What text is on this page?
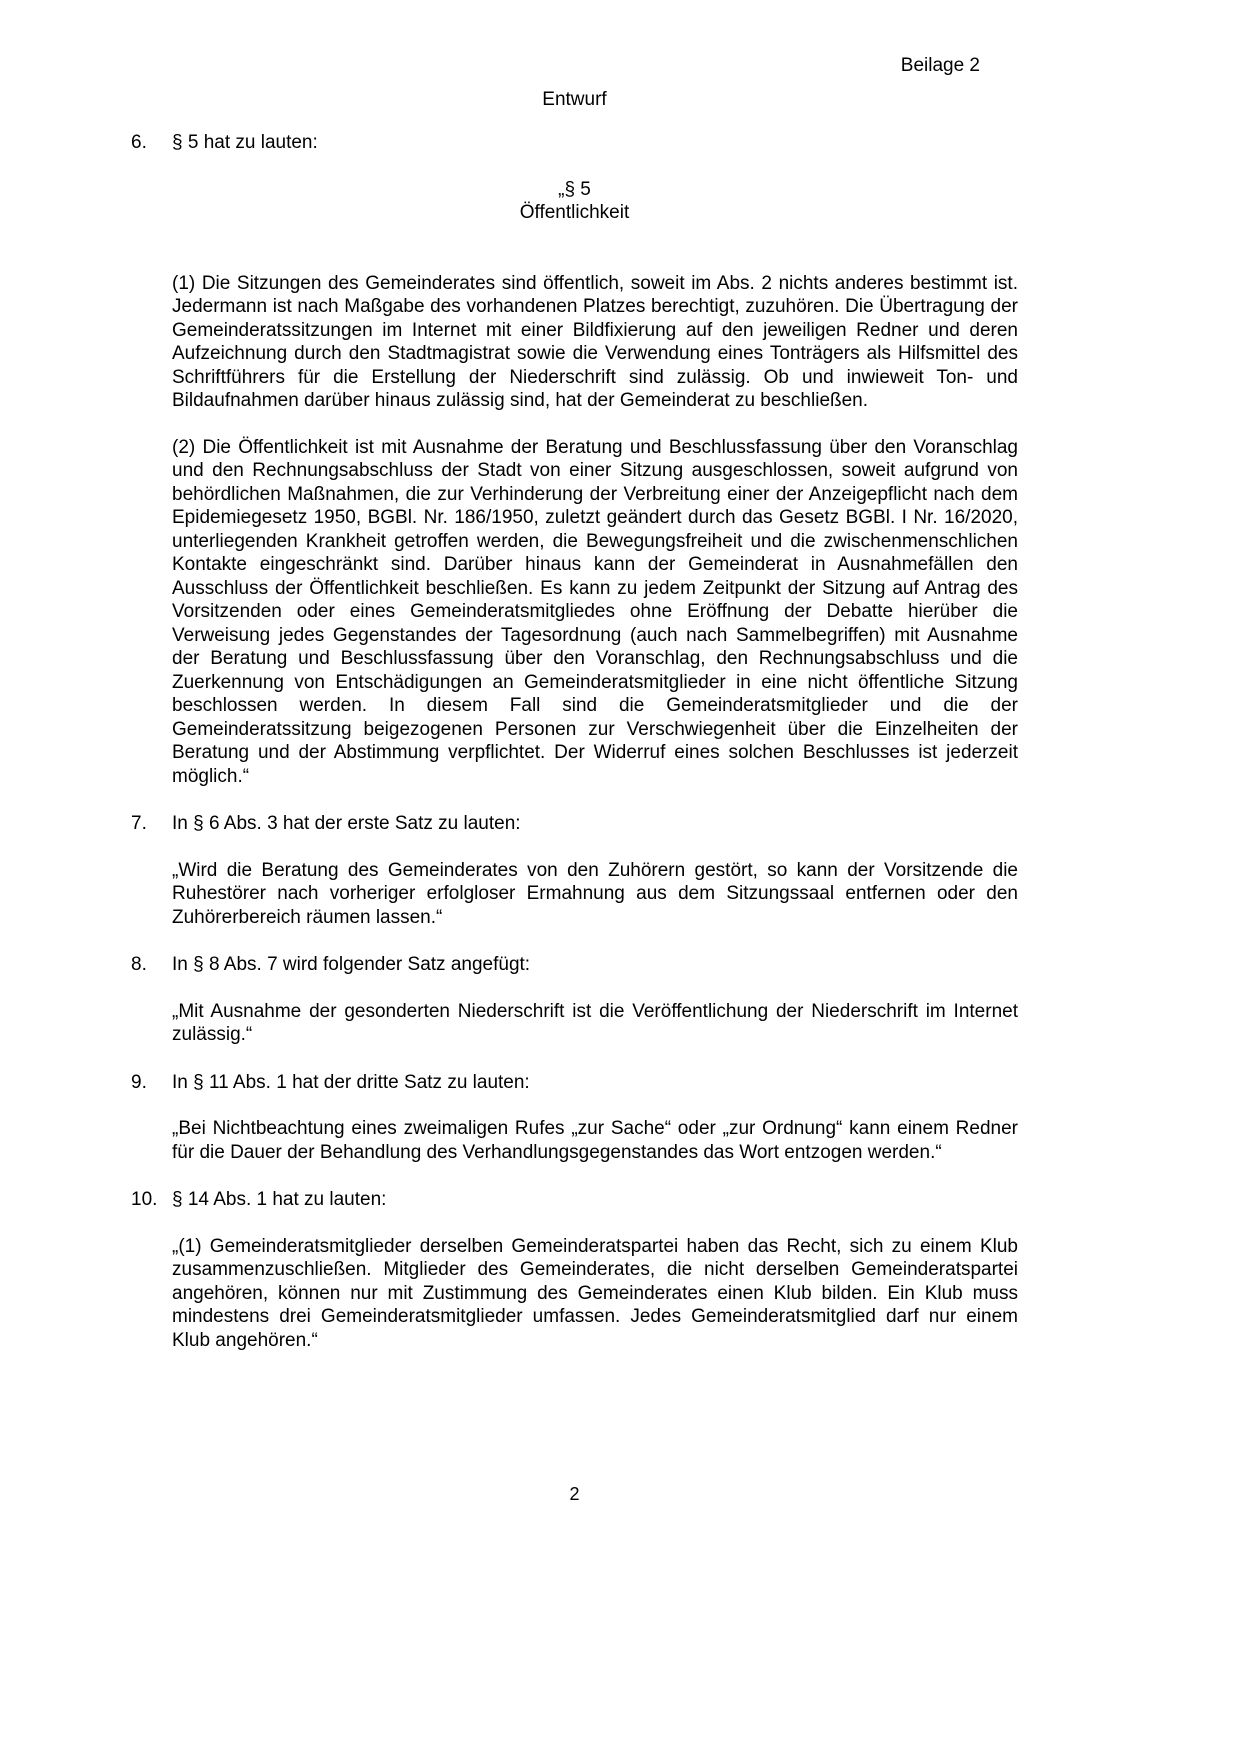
Beilage 2
Entwurf
6.	§ 5 hat zu lauten:
„§ 5
Öffentlichkeit

(1) Die Sitzungen des Gemeinderates sind öffentlich, soweit im Abs. 2 nichts anderes bestimmt ist. Jedermann ist nach Maßgabe des vorhandenen Platzes berechtigt, zuzuhören. Die Übertragung der Gemeinderatssitzungen im Internet mit einer Bildfixierung auf den jeweiligen Redner und deren Aufzeichnung durch den Stadtmagistrat sowie die Verwendung eines Tonträgers als Hilfsmittel des Schriftführers für die Erstellung der Niederschrift sind zulässig. Ob und inwieweit Ton- und Bildaufnahmen darüber hinaus zulässig sind, hat der Gemeinderat zu beschließen.

(2) Die Öffentlichkeit ist mit Ausnahme der Beratung und Beschlussfassung über den Voranschlag und den Rechnungsabschluss der Stadt von einer Sitzung ausgeschlossen, soweit aufgrund von behördlichen Maßnahmen, die zur Verhinderung der Verbreitung einer der Anzeigepflicht nach dem Epidemiegesetz 1950, BGBl. Nr. 186/1950, zuletzt geändert durch das Gesetz BGBl. I Nr. 16/2020, unterliegenden Krankheit getroffen werden, die Bewegungsfreiheit und die zwischenmenschlichen Kontakte eingeschränkt sind. Darüber hinaus kann der Gemeinderat in Ausnahmefällen den Ausschluss der Öffentlichkeit beschließen. Es kann zu jedem Zeitpunkt der Sitzung auf Antrag des Vorsitzenden oder eines Gemeinderatsmitgliedes ohne Eröffnung der Debatte hierüber die Verweisung jedes Gegenstandes der Tagesordnung (auch nach Sammelbegriffen) mit Ausnahme der Beratung und Beschlussfassung über den Voranschlag, den Rechnungsabschluss und die Zuerkennung von Entschädigungen an Gemeinderatsmitglieder in eine nicht öffentliche Sitzung beschlossen werden. In diesem Fall sind die Gemeinderatsmitglieder und die der Gemeinderatssitzung beigezogenen Personen zur Verschwiegenheit über die Einzelheiten der Beratung und der Abstimmung verpflichtet. Der Widerruf eines solchen Beschlusses ist jederzeit möglich.“

7.	In § 6 Abs. 3 hat der erste Satz zu lauten:

„Wird die Beratung des Gemeinderates von den Zuhörern gestört, so kann der Vorsitzende die Ruhestörer nach vorheriger erfolgloser Ermahnung aus dem Sitzungssaal entfernen oder den Zuhörerbereich räumen lassen.“

8.	In § 8 Abs. 7 wird folgender Satz angefügt:

„Mit Ausnahme der gesonderten Niederschrift ist die Veröffentlichung der Niederschrift im Internet zulässig.“

9.	In § 11 Abs. 1 hat der dritte Satz zu lauten:

„Bei Nichtbeachtung eines zweimaligen Rufes „zur Sache“ oder „zur Ordnung“ kann einem Redner für die Dauer der Behandlung des Verhandlungsgegenstandes das Wort entzogen werden.“

10. § 14 Abs. 1 hat zu lauten:

„(1) Gemeinderatsmitglieder derselben Gemeinderatspartei haben das Recht, sich zu einem Klub zusammenzuschließen. Mitglieder des Gemeinderates, die nicht derselben Gemeinderatspartei angehören, können nur mit Zustimmung des Gemeinderates einen Klub bilden. Ein Klub muss mindestens drei Gemeinderatsmitglieder umfassen. Jedes Gemeinderatsmitglied darf nur einem Klub angehören.“

2
